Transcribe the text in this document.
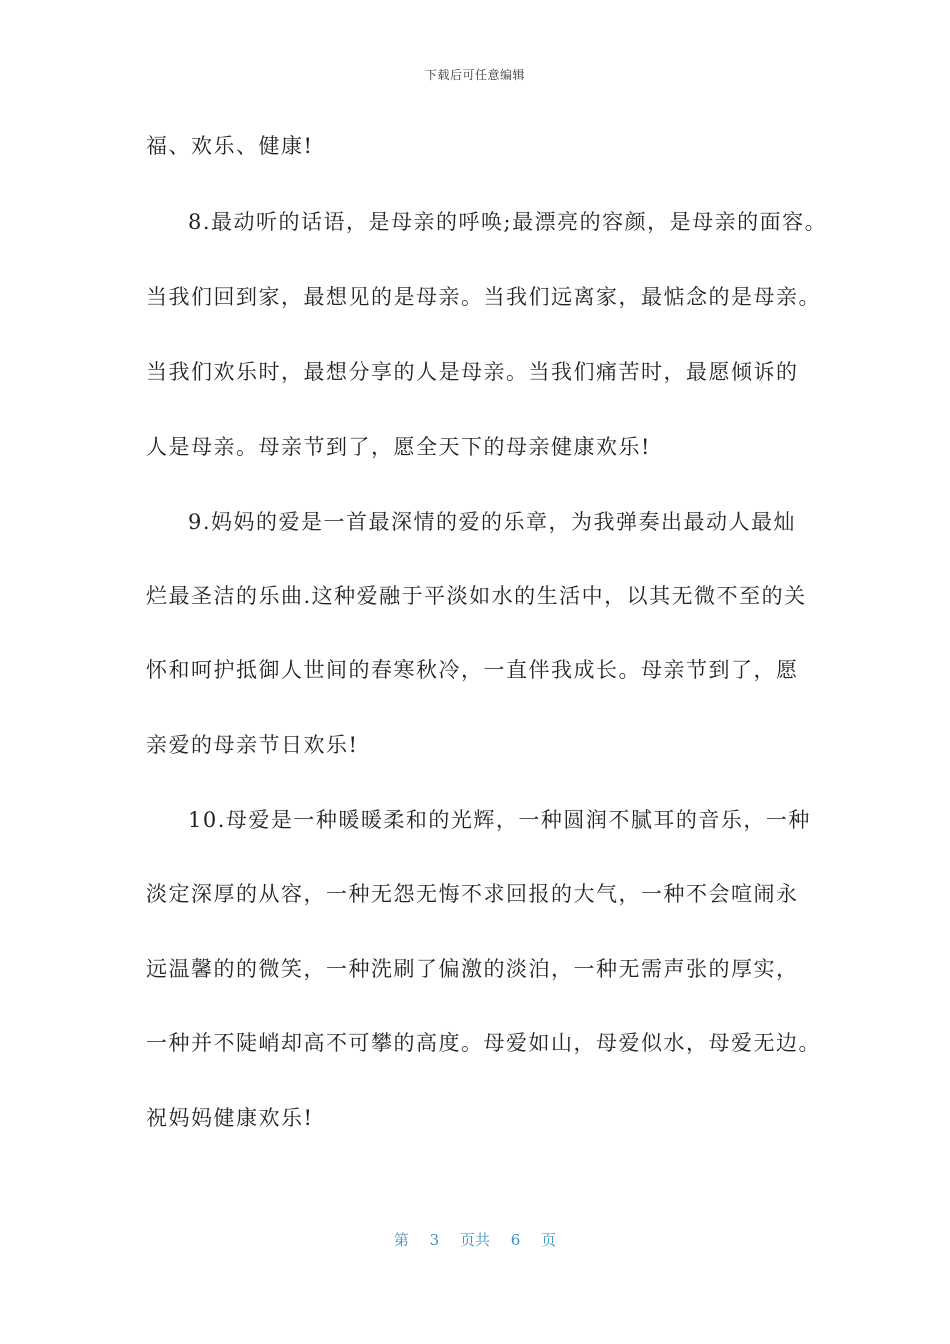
下载后可任意编辑
福、欢乐、健康!
8.最动听的话语，是母亲的呼唤;最漂亮的容颜，是母亲的面容。
当我们回到家，最想见的是母亲。当我们远离家，最惦念的是母亲。
当我们欢乐时，最想分享的人是母亲。当我们痛苦时，最愿倾诉的
人是母亲。母亲节到了，愿全天下的母亲健康欢乐!
9.妈妈的爱是一首最深情的爱的乐章，为我弹奏出最动人最灿
烂最圣洁的乐曲.这种爱融于平淡如水的生活中，以其无微不至的关
怀和呵护抵御人世间的春寒秋冷，一直伴我成长。母亲节到了，愿
亲爱的母亲节日欢乐!
10.母爱是一种暖暖柔和的光辉，一种圆润不腻耳的音乐，一种
淡定深厚的从容，一种无怨无悔不求回报的大气，一种不会喧闹永
远温馨的的微笑，一种洗刷了偏激的淡泊，一种无需声张的厚实，
一种并不陡峭却高不可攀的高度。母爱如山，母爱似水，母爱无边。
祝妈妈健康欢乐!
第 3 页共 6 页
